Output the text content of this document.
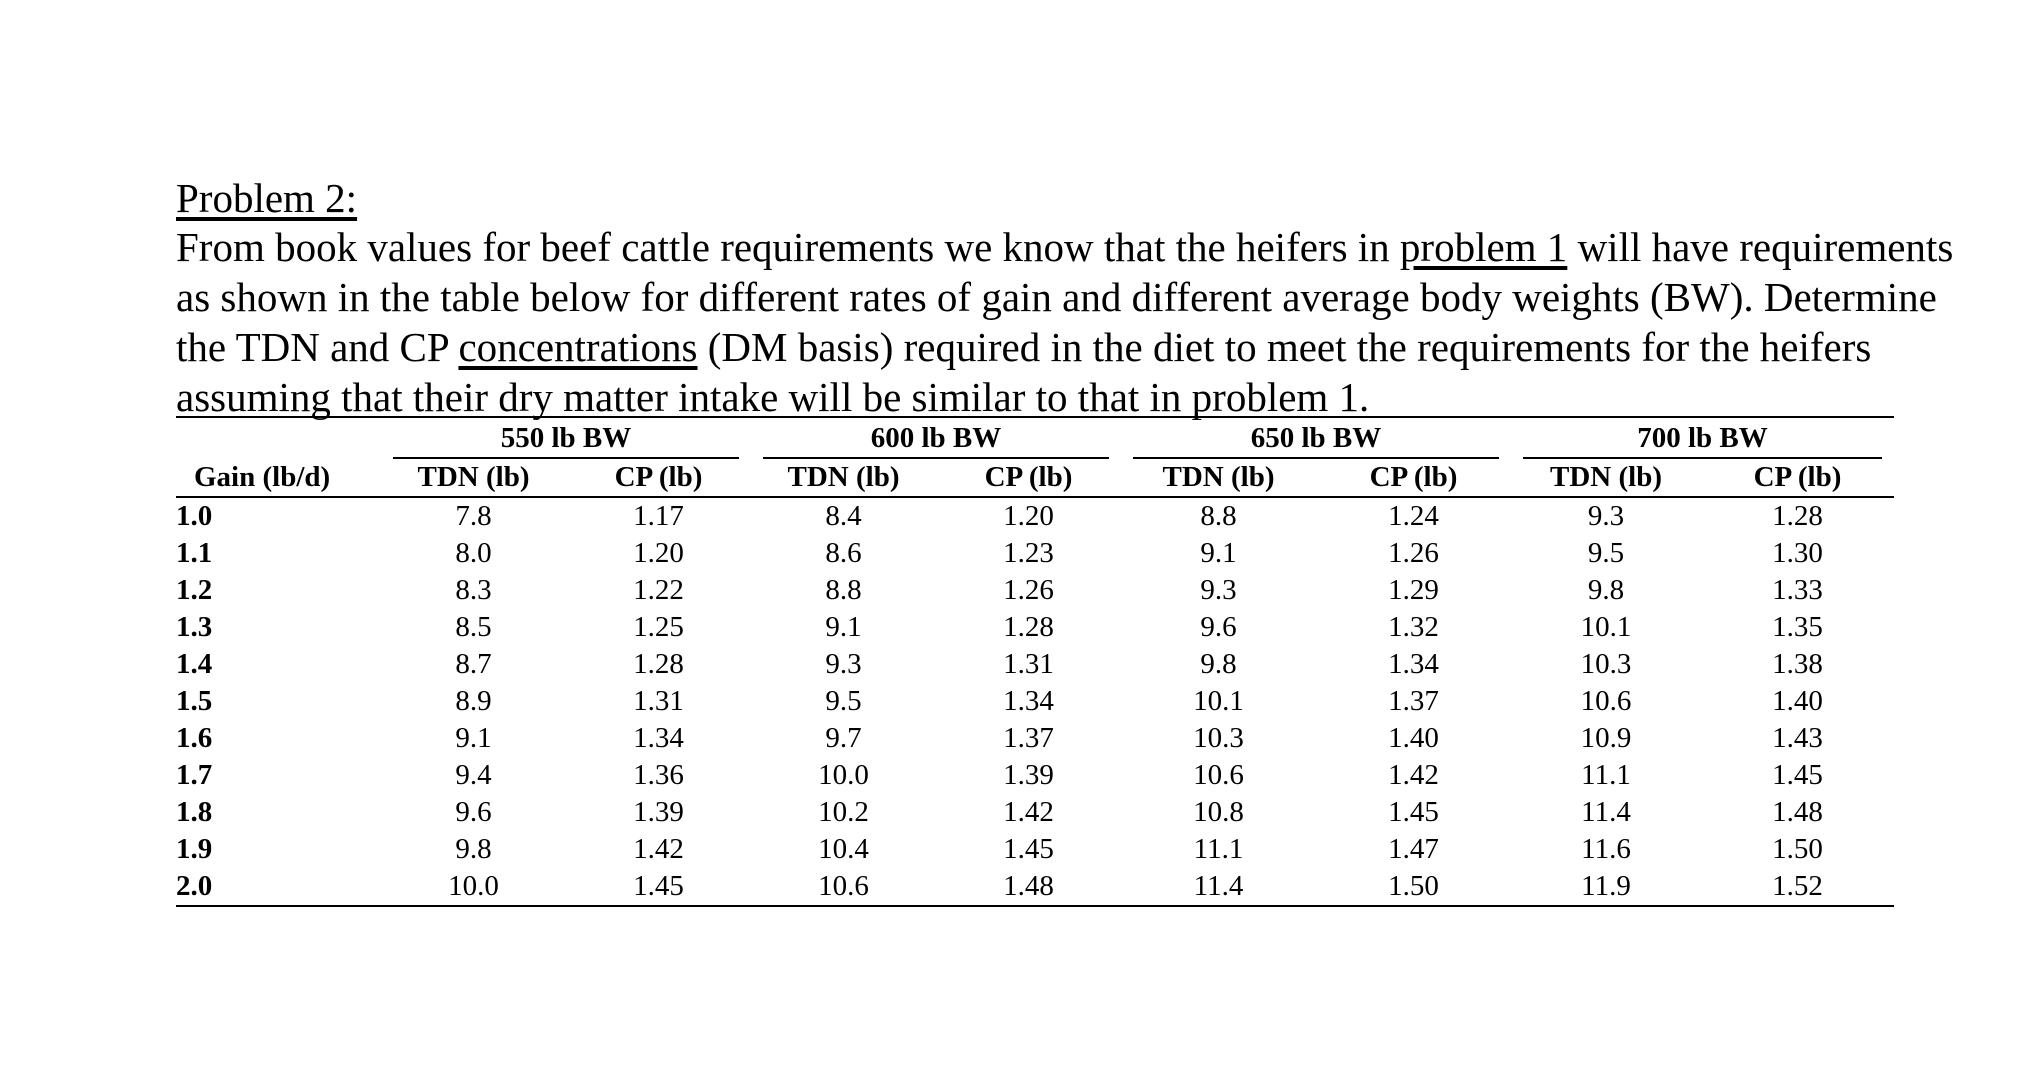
Problem 2:

From book values for beef cattle requirements we know that the heifers in problem 1 will have requirements as shown in the table below for different rates of gain and different average body weights (BW). Determine the TDN and CP concentrations (DM basis) required in the diet to meet the requirements for the heifers assuming that their dry matter intake will be similar to that in problem 1.

	550 lb BW		600 lb BW		650 lb BW		700 lb BW	

Gain (lb/d)	TDN (lb)	CP (lb)	TDN (lb)	CP (lb)	TDN (lb)	CP (lb)	TDN (lb)	CP (lb)
1.0	7.8	1.17	8.4	1.20	8.8	1.24	9.3	1.28
1.1	8.0	1.20	8.6	1.23	9.1	1.26	9.5	1.30
1.2	8.3	1.22	8.8	1.26	9.3	1.29	9.8	1.33
1.3	8.5	1.25	9.1	1.28	9.6	1.32	10.1	1.35
1.4	8.7	1.28	9.3	1.31	9.8	1.34	10.3	1.38
1.5	8.9	1.31	9.5	1.34	10.1	1.37	10.6	1.40
1.6	9.1	1.34	9.7	1.37	10.3	1.40	10.9	1.43
1.7	9.4	1.36	10.0	1.39	10.6	1.42	11.1	1.45
1.8	9.6	1.39	10.2	1.42	10.8	1.45	11.4	1.48
1.9	9.8	1.42	10.4	1.45	11.1	1.47	11.6	1.50
2.0	10.0	1.45	10.6	1.48	11.4	1.50	11.9	1.52
